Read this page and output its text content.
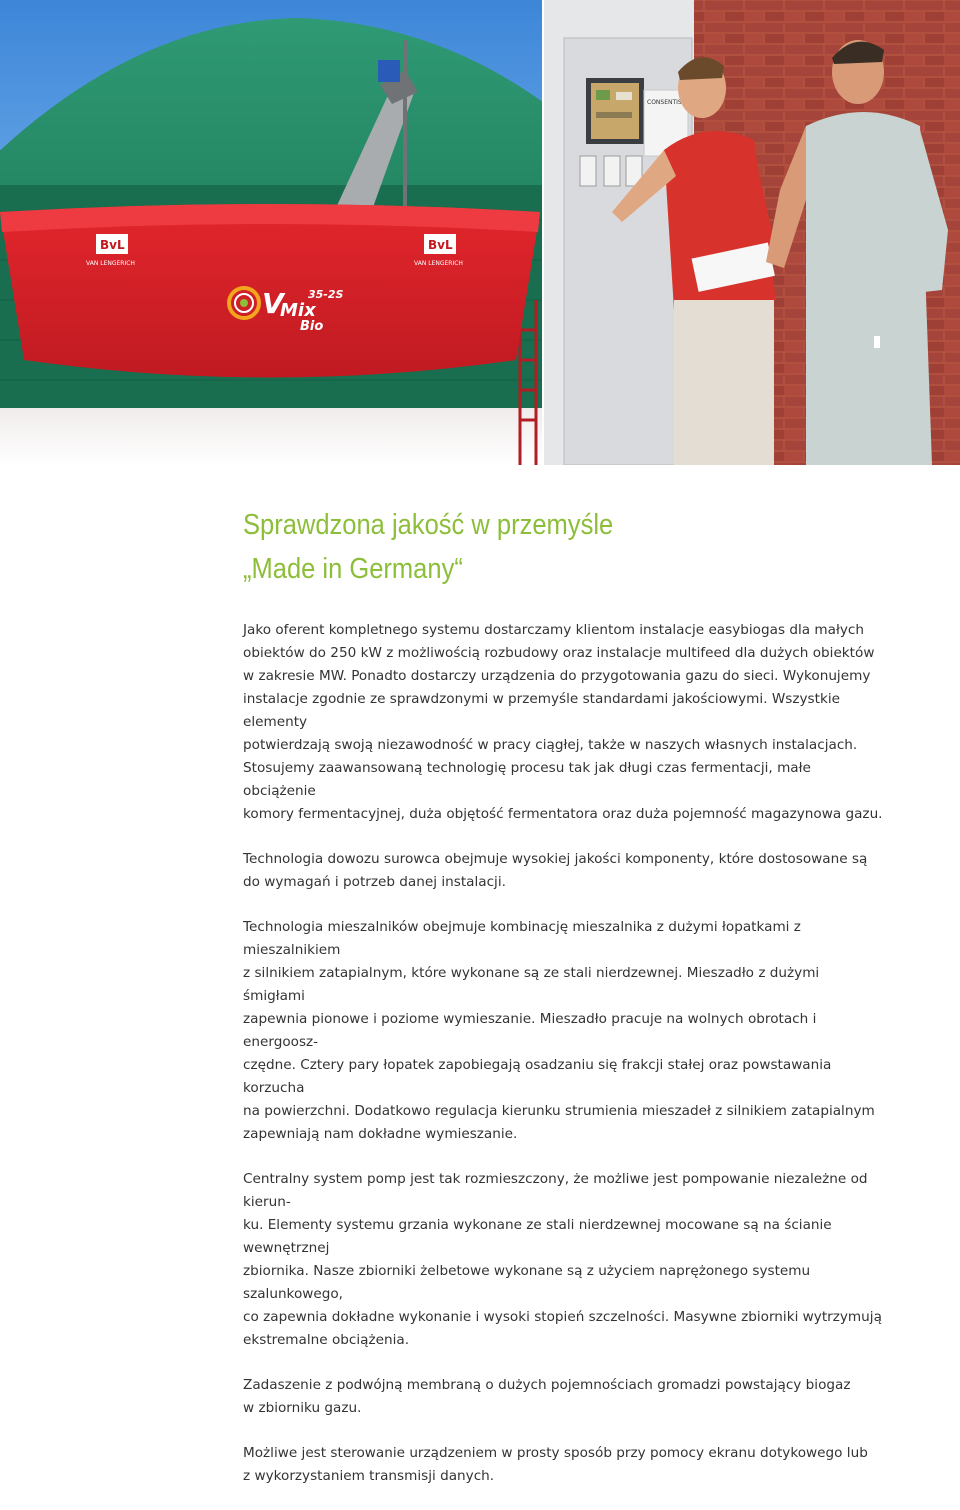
BvL
VAN LENGERICH
BvL
VAN LENGERICH
V
Mix
35-2S
Bio
CONSENTIS
Sprawdzona jakość w przemyśle
„Made in Germany“

Jako oferent kompletnego systemu dostarczamy klientom instalacje easybiogas dla małych
obiektów do 250 kW z możliwością rozbudowy oraz instalacje multifeed dla dużych obiektów
w zakresie MW. Ponadto dostarczy urządzenia do przygotowania gazu do sieci. Wykonujemy
instalacje zgodnie ze sprawdzonymi w przemyśle standardami jakościowymi. Wszystkie elementy
potwierdzają swoją niezawodność w pracy ciągłej, także w naszych własnych instalacjach.
Stosujemy zaawansowaną technologię procesu tak jak długi czas fermentacji, małe obciążenie
komory fermentacyjnej, duża objętość fermentatora oraz duża pojemność magazynowa gazu.

Technologia dowozu surowca obejmuje wysokiej jakości komponenty, które dostosowane są
do wymagań i potrzeb danej instalacji.

Technologia mieszalników obejmuje kombinację mieszalnika z dużymi łopatkami z mieszalnikiem
z silnikiem zatapialnym, które wykonane są ze stali nierdzewnej. Mieszadło z dużymi śmigłami
zapewnia pionowe i poziome wymieszanie. Mieszadło pracuje na wolnych obrotach i energoosz-
czędne. Cztery pary łopatek zapobiegają osadzaniu się frakcji stałej oraz powstawania korzucha
na powierzchni. Dodatkowo regulacja kierunku strumienia mieszadeł z silnikiem zatapialnym
zapewniają nam dokładne wymieszanie.

Centralny system pomp jest tak rozmieszczony, że możliwe jest pompowanie niezależne od kierun-
ku. Elementy systemu grzania wykonane ze stali nierdzewnej mocowane są na ścianie wewnętrznej
zbiornika. Nasze zbiorniki żelbetowe wykonane są z użyciem naprężonego systemu szalunkowego,
co zapewnia dokładne wykonanie i wysoki stopień szczelności. Masywne zbiorniki wytrzymują
ekstremalne obciążenia.

Zadaszenie z podwójną membraną o dużych pojemnościach gromadzi powstający biogaz
w zbiorniku gazu.

Możliwe jest sterowanie urządzeniem w prosty sposób przy pomocy ekranu dotykowego lub
z wykorzystaniem transmisji danych.
